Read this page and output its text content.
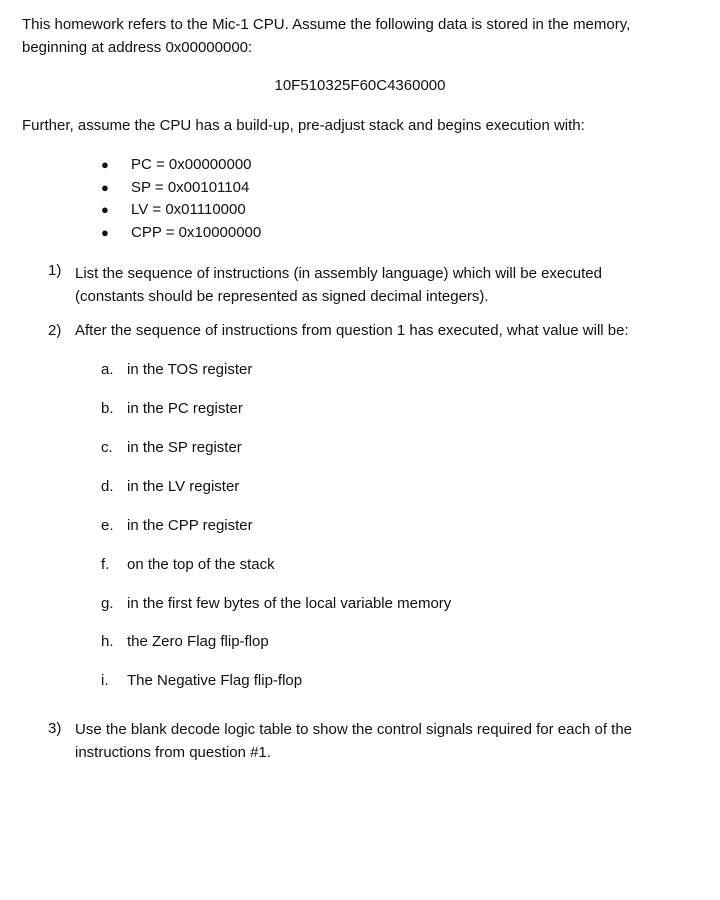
This homework refers to the Mic-1 CPU. Assume the following data is stored in the memory,
beginning at address 0x00000000:
10F510325F60C4360000
Further, assume the CPU has a build-up, pre-adjust stack and begins execution with:
● PC = 0x00000000
● SP = 0x00101104
● LV = 0x01110000
● CPP = 0x10000000
1) List the sequence of instructions (in assembly language) which will be executed
(constants should be represented as signed decimal integers).
2) After the sequence of instructions from question 1 has executed, what value will be:
a. in the TOS register
b. in the PC register
c. in the SP register
d. in the LV register
e. in the CPP register
f. on the top of the stack
g. in the first few bytes of the local variable memory
h. the Zero Flag flip-flop
i. The Negative Flag flip-flop
3) Use the blank decode logic table to show the control signals required for each of the
instructions from question #1.
